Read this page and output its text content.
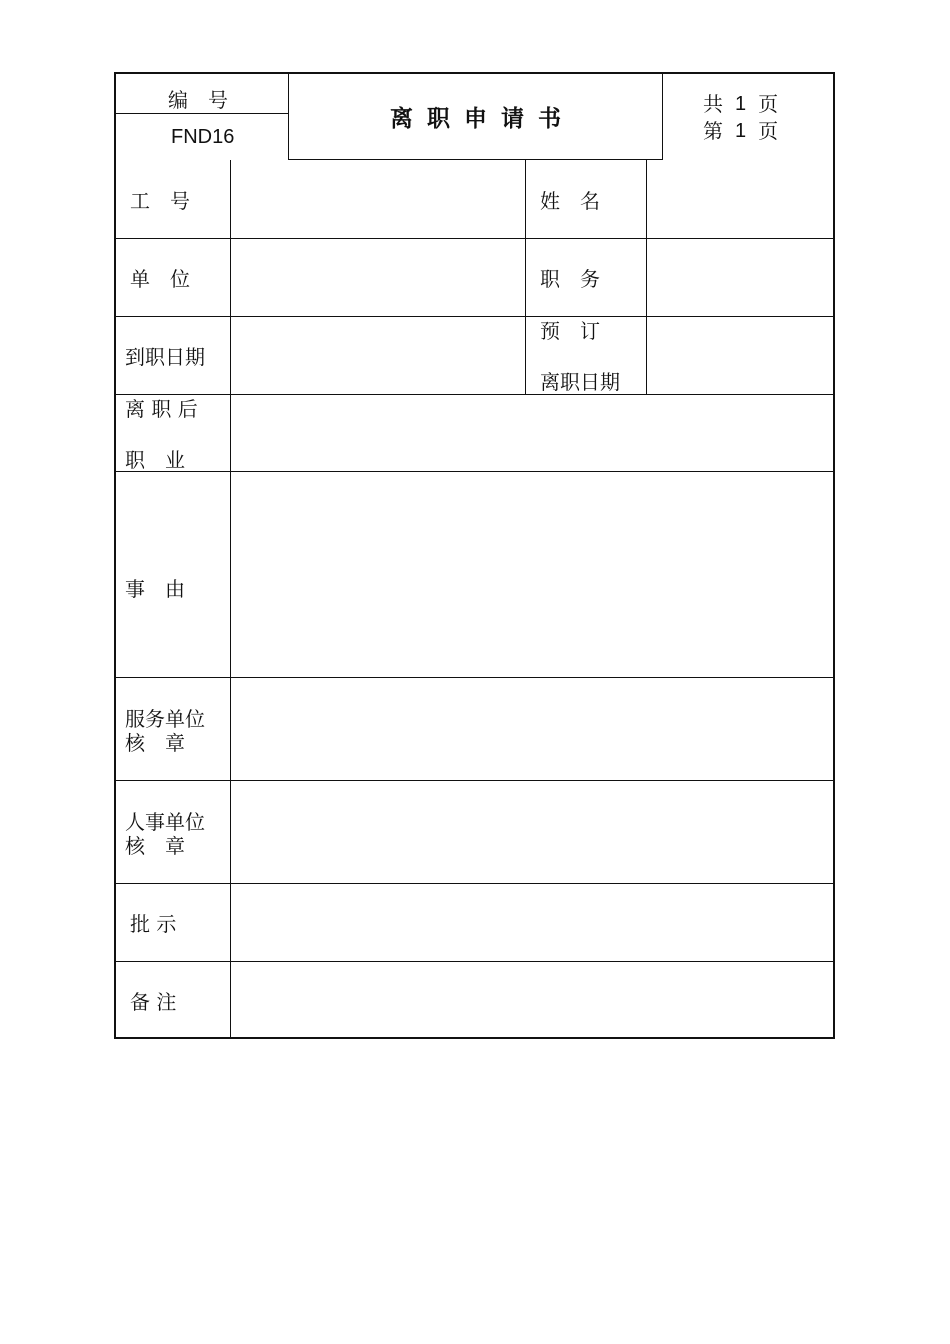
编　号
FND16
离职申请书
共 1 页
第 1 页
工　号	姓　名
单　位	职　务
到职日期
预　订
离职日期
离 职 后
职　业
事　由
服务单位
核　章
人事单位
核　章
批 示
备 注
